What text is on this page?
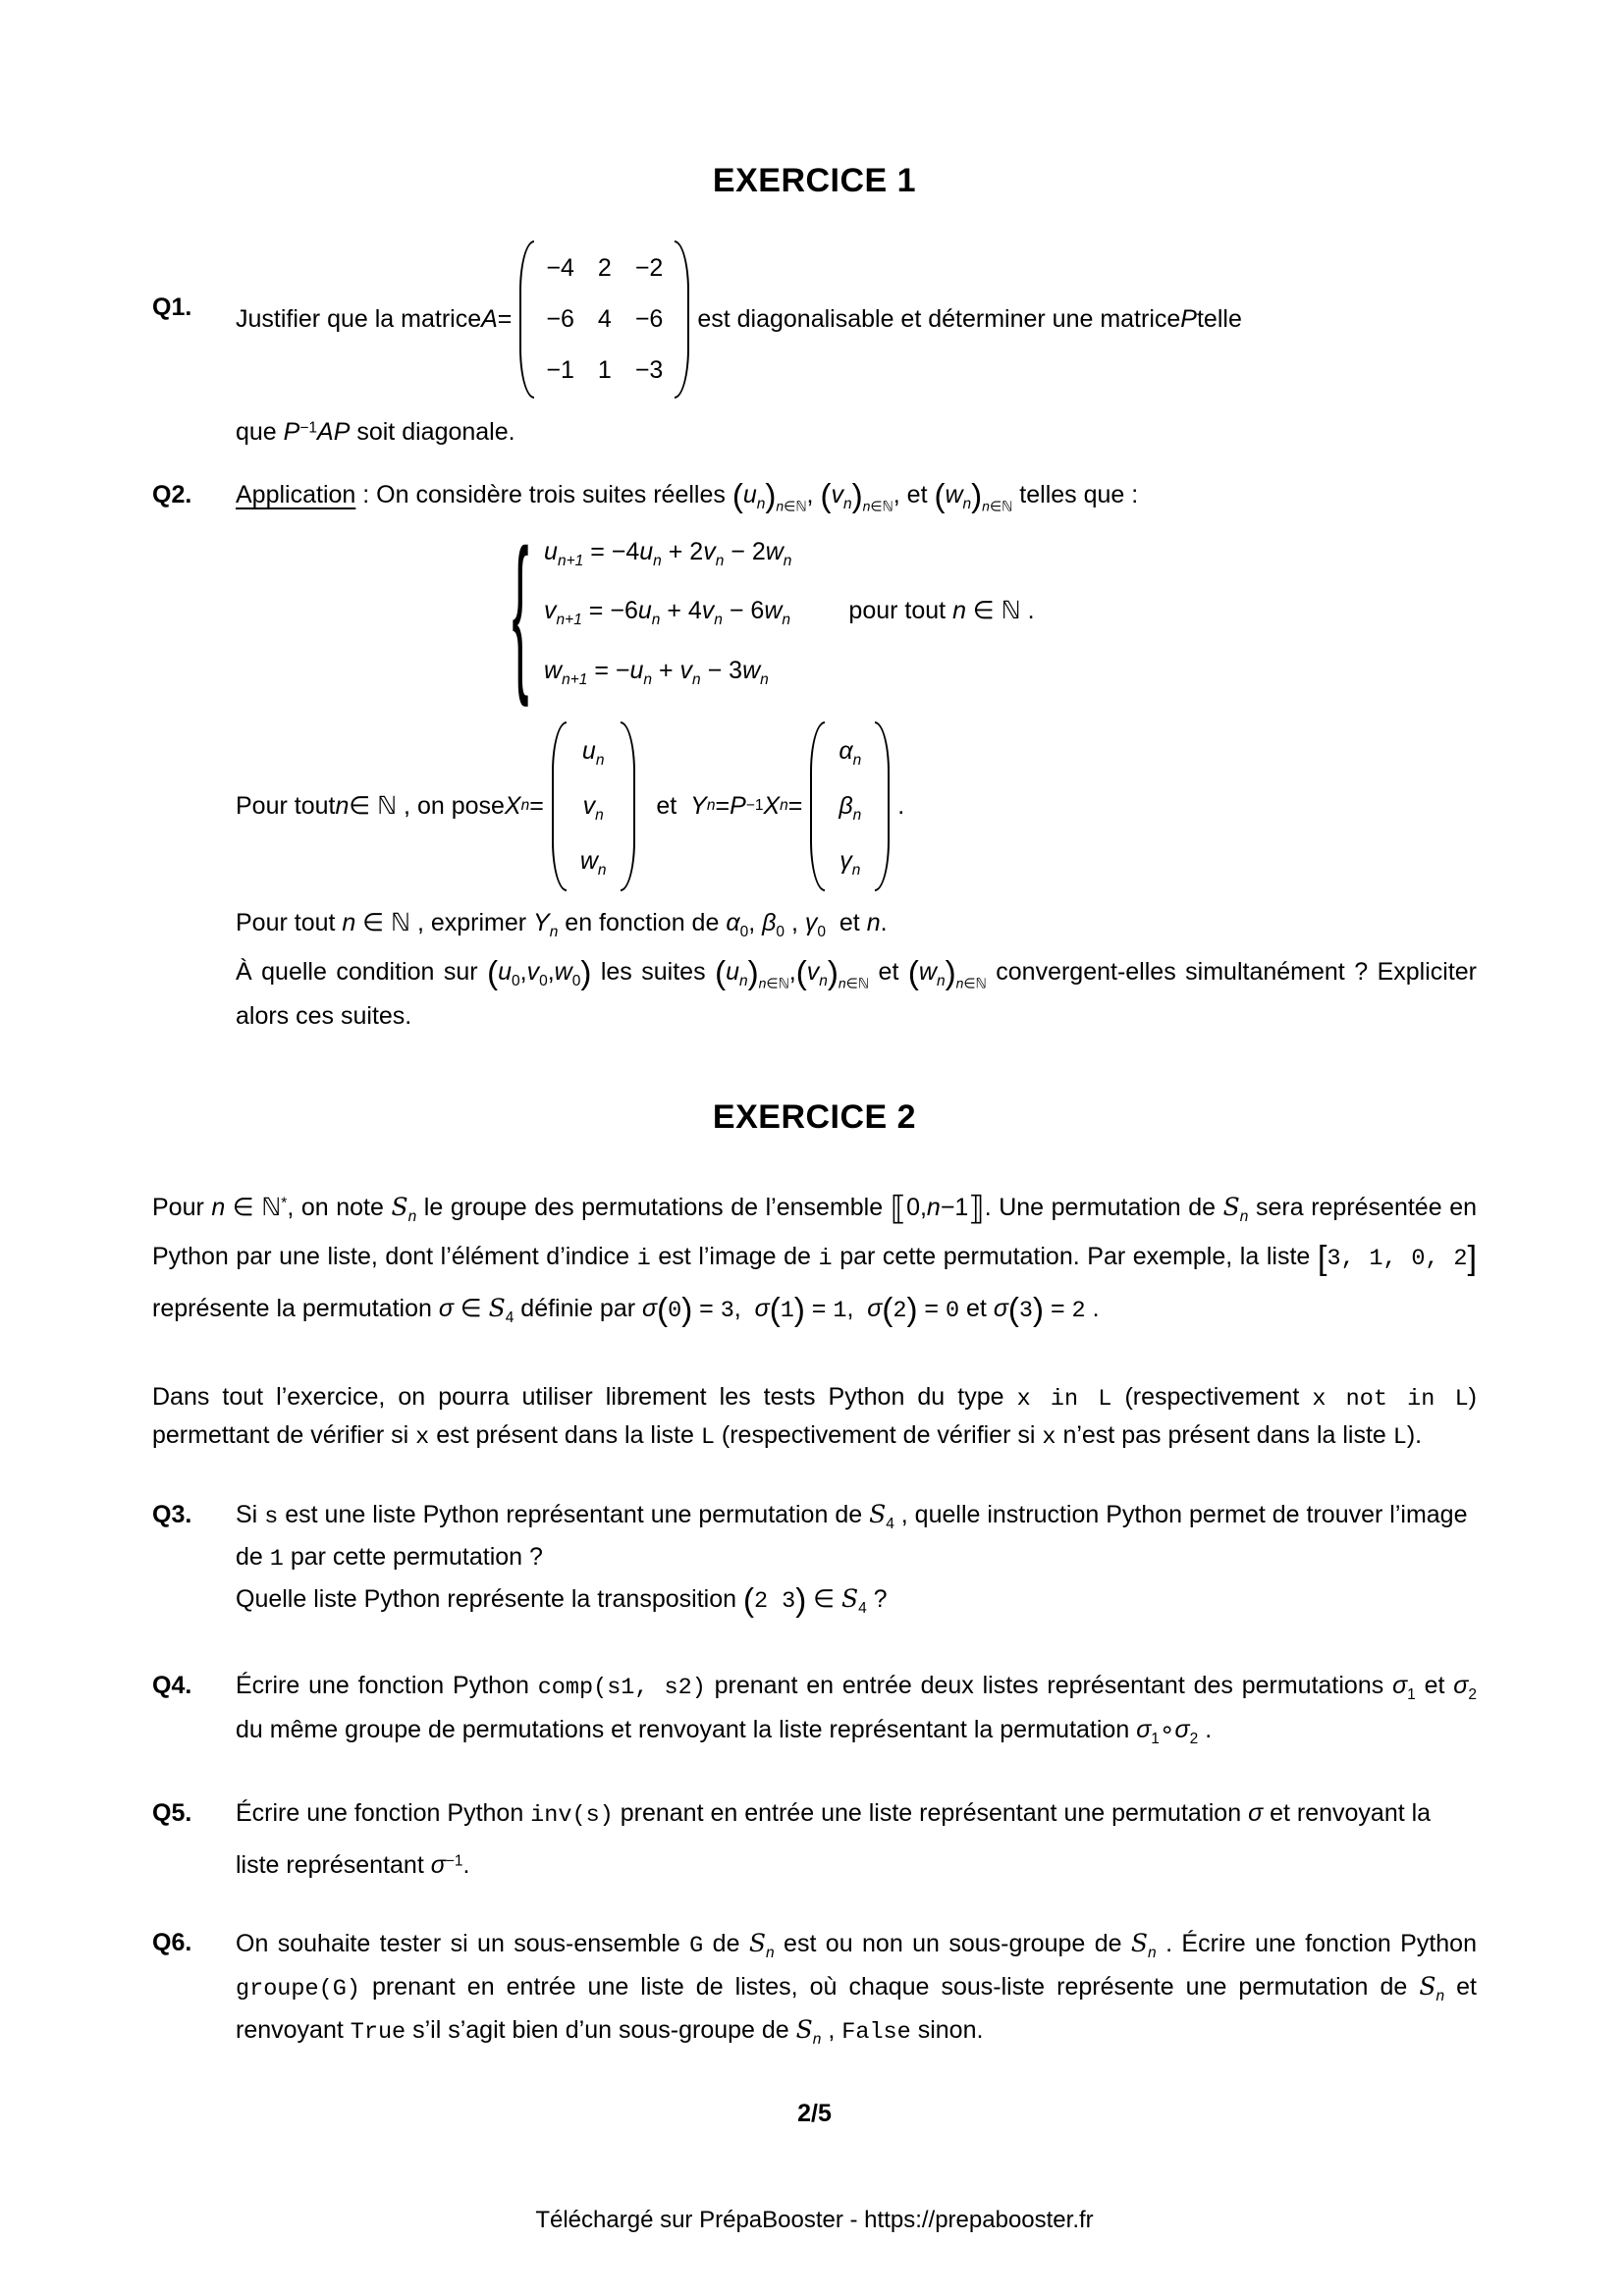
EXERCICE 1
Q1. Justifier que la matrice A =
−4 2 −2
−6 4 −6
−1 1 −3
est diagonalisable et déterminer une matrice P telle
que $P^{-1}AP$ soit diagonale.
Q2. Application : On considère trois suites réelles $(u_n)_{n\in ℕ}$, $(v_n)_{n\in ℕ}$, et $(w_n)_{n\in ℕ}$ telles que :
{ $u_{n+1} = -4u_n + 2v_n - 2w_n$
$v_{n+1} = -6u_n + 4v_n - 6w_n$
$w_{n+1} = -u_n + v_n - 3w_n$
pour tout n ∈ ℕ .
Pour tout n ∈ ℕ , on pose X n =
$u_n$
$v_n$
$w_n$
et Y n = P −1 X n =
$\alpha_n$
$\beta_n$
$\gamma_n$
.
Pour tout n ∈ ℕ , exprimer $Y_n$ en fonction de $\alpha_0$, $\beta_0$ , $\gamma_0$  et n.
À quelle condition sur $(u_0,v_0,w_0)$ les suites $(u_n)_{n\in ℕ},(v_n)_{n\in ℕ}$ et $(w_n)_{n\in ℕ}$ convergent-elles simultanément ? Expliciter alors ces suites.
EXERCICE 2
Pour n ∈ ℕ*, on note $S_n$ le groupe des permutations de l’ensemble ⟦0,n−1⟧. Une permutation de $S_n$ sera représentée en Python par une liste, dont l’élément d’indice i est l’image de i par cette permutation. Par exemple, la liste [3, 1, 0, 2] représente la permutation σ ∈ $S_4$ définie par σ(0) = 3,  σ(1) = 1,  σ(2) = 0 et σ(3) = 2 .
Dans tout l’exercice, on pourra utiliser librement les tests Python du type x in L (respectivement x not in L) permettant de vérifier si x est présent dans la liste L (respectivement de vérifier si x n’est pas présent dans la liste L).
Q3. Si s est une liste Python représentant une permutation de $S_4$ , quelle instruction Python permet de trouver l’image de 1 par cette permutation ?
Quelle liste Python représente la transposition (2 3) ∈ $S_4$ ?
Q4. Écrire une fonction Python comp(s1, s2) prenant en entrée deux listes représentant des permutations $\sigma_1$ et $\sigma_2$ du même groupe de permutations et renvoyant la liste représentant la permutation $\sigma_1\circ\sigma_2$ .
Q5. Écrire une fonction Python inv(s) prenant en entrée une liste représentant une permutation σ et renvoyant la liste représentant $\sigma^{-1}$.
Q6. On souhaite tester si un sous-ensemble G de $S_n$ est ou non un sous-groupe de $S_n$ . Écrire une fonction Python groupe(G) prenant en entrée une liste de listes, où chaque sous-liste représente une permutation de $S_n$ et renvoyant True s’il s’agit bien d’un sous-groupe de $S_n$ , False sinon.
2/5
Téléchargé sur PrépaBooster - https://prepabooster.fr
